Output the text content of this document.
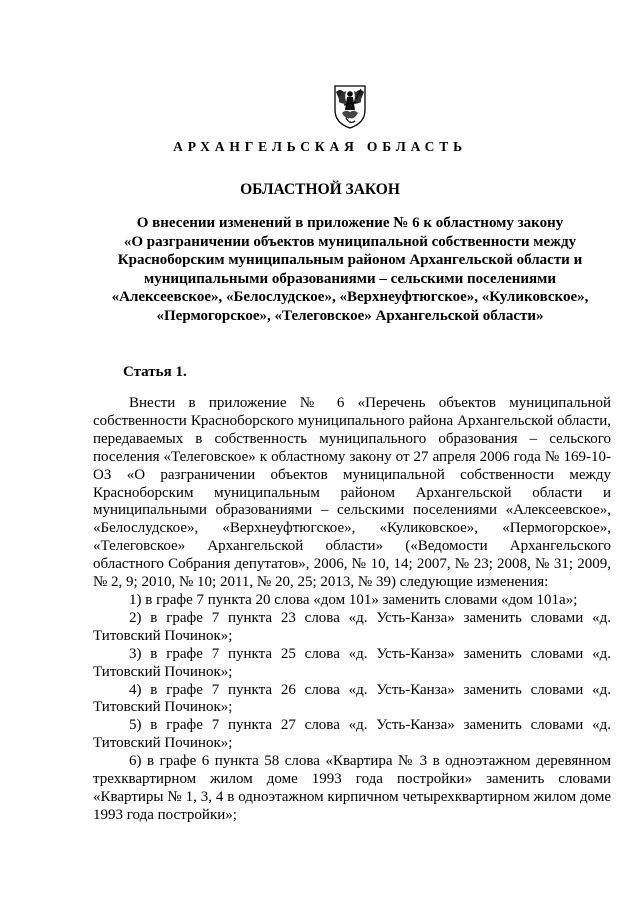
АРХАНГЕЛЬСКАЯ ОБЛАСТЬ
ОБЛАСТНОЙ ЗАКОН
О внесении изменений в приложение № 6 к областному закону
«О разграничении объектов муниципальной собственности между
Красноборским муниципальным районом Архангельской области и
муниципальными образованиями – сельскими поселениями
«Алексеевское», «Белослудское», «Верхнеуфтюгское», «Куликовское»,
«Пермогорское», «Телеговское» Архангельской области»
Статья 1.

Внести в приложение № 6 «Перечень объектов муниципальной собственности Красноборского муниципального района Архангельской области, передаваемых в собственность муниципального образования – сельского поселения «Телеговское» к областному закону от 27 апреля 2006 года № 169-10-ОЗ «О разграничении объектов муниципальной собственности между Красноборским муниципальным районом Архангельской области и муниципальными образованиями – сельскими поселениями «Алексеевское», «Белослудское», «Верхнеуфтюгское», «Куликовское», «Пермогорское», «Телеговское» Архангельской области» («Ведомости Архангельского областного Собрания депутатов», 2006, № 10, 14; 2007, № 23; 2008, № 31; 2009, № 2, 9; 2010, № 10; 2011, № 20, 25; 2013, № 39) следующие изменения:

1) в графе 7 пункта 20 слова «дом 101» заменить словами «дом 101а»;

2) в графе 7 пункта 23 слова «д. Усть-Канза» заменить словами «д. Титовский Починок»;

3) в графе 7 пункта 25 слова «д. Усть-Канза» заменить словами «д. Титовский Починок»;

4) в графе 7 пункта 26 слова «д. Усть-Канза» заменить словами «д. Титовский Починок»;

5) в графе 7 пункта 27 слова «д. Усть-Канза» заменить словами «д. Титовский Починок»;

6) в графе 6 пункта 58 слова «Квартира № 3 в одноэтажном деревянном трехквартирном жилом доме 1993 года постройки» заменить словами «Квартиры № 1, 3, 4 в одноэтажном кирпичном четырехквартирном жилом доме 1993 года постройки»;
